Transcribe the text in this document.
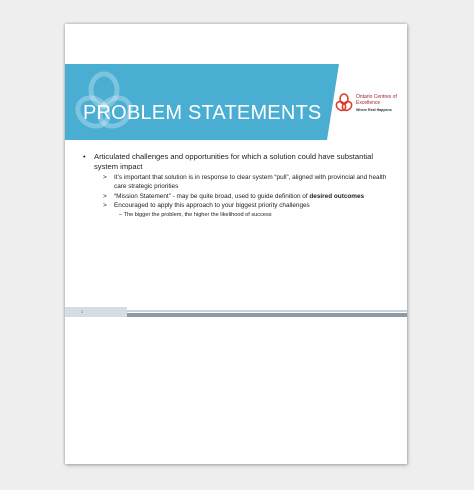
PROBLEM STATEMENTS
Ontario Centres of Excellence
Where Real Happens
• Articulated challenges and opportunities for which a solution could have substantial system impact
> It’s important that solution is in response to clear system “pull”, aligned with provincial and health care strategic priorities
> “Mission Statement” - may be quite broad, used to guide definition of desired outcomes
> Encouraged to apply this approach to your biggest priority challenges
– The bigger the problem, the higher the likelihood of success
1
